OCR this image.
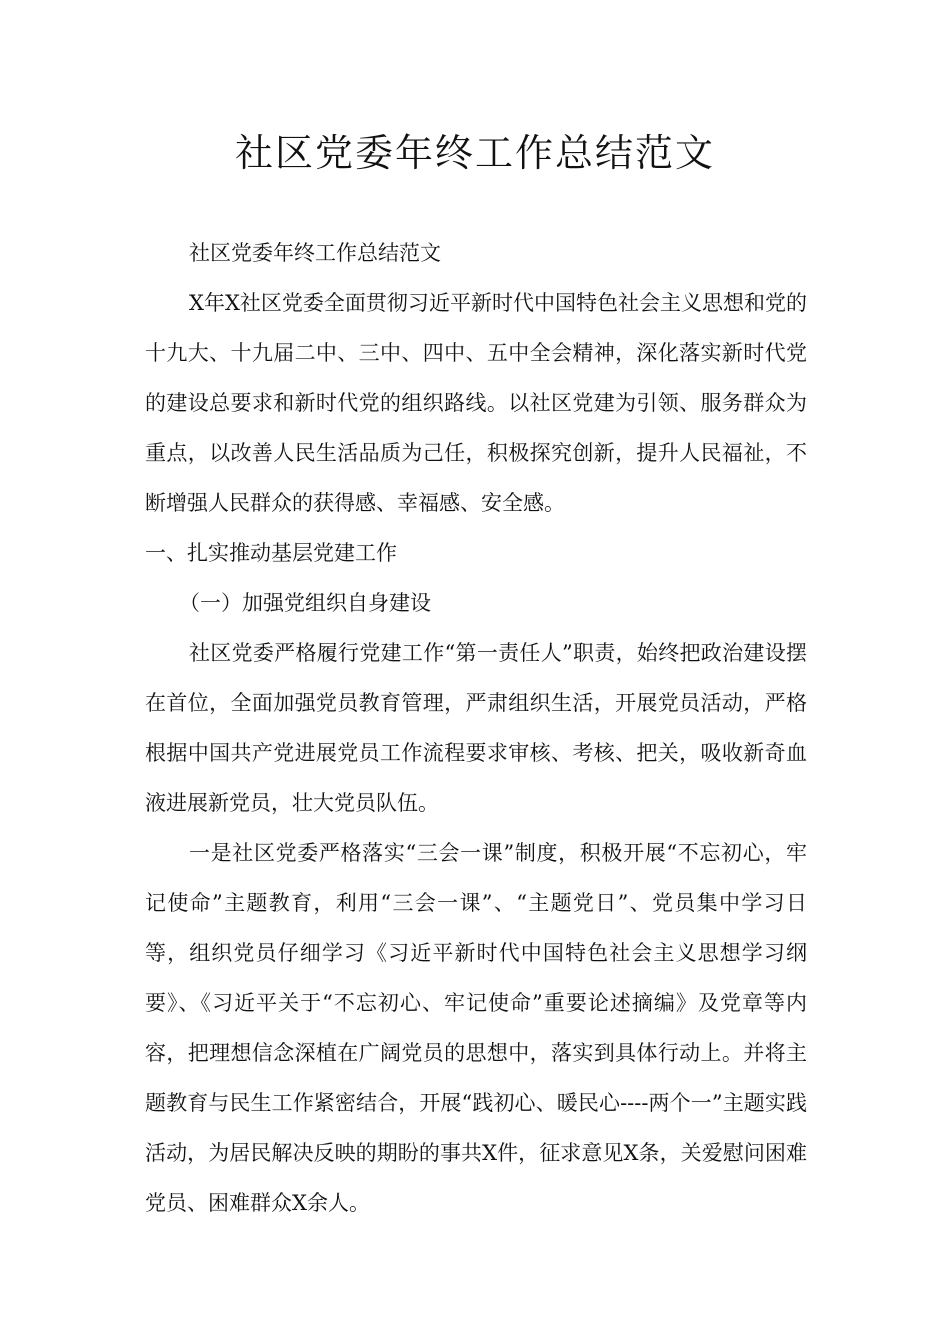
社区党委年终工作总结范文

社区党委年终工作总结范文

X年X社区党委全面贯彻习近平新时代中国特色社会主义思想和党的十九大、十九届二中、三中、四中、五中全会精神，深化落实新时代党的建设总要求和新时代党的组织路线。以社区党建为引领、服务群众为重点，以改善人民生活品质为己任，积极探究创新，提升人民福祉，不断增强人民群众的获得感、幸福感、安全感。

一、扎实推动基层党建工作

（一）加强党组织自身建设

社区党委严格履行党建工作“第一责任人”职责，始终把政治建设摆在首位，全面加强党员教育管理，严肃组织生活，开展党员活动，严格根据中国共产党进展党员工作流程要求审核、考核、把关，吸收新奇血液进展新党员，壮大党员队伍。

一是社区党委严格落实“三会一课”制度，积极开展“不忘初心，牢记使命”主题教育，利用“三会一课”、“主题党日”、党员集中学习日等，组织党员仔细学习《习近平新时代中国特色社会主义思想学习纲要》、《习近平关于“不忘初心、牢记使命”重要论述摘编》及党章等内容，把理想信念深植在广阔党员的思想中，落实到具体行动上。并将主题教育与民生工作紧密结合，开展“践初心、暖民心----两个一”主题实践活动，为居民解决反映的期盼的事共X件，征求意见X条，关爱慰问困难党员、困难群众X余人。
